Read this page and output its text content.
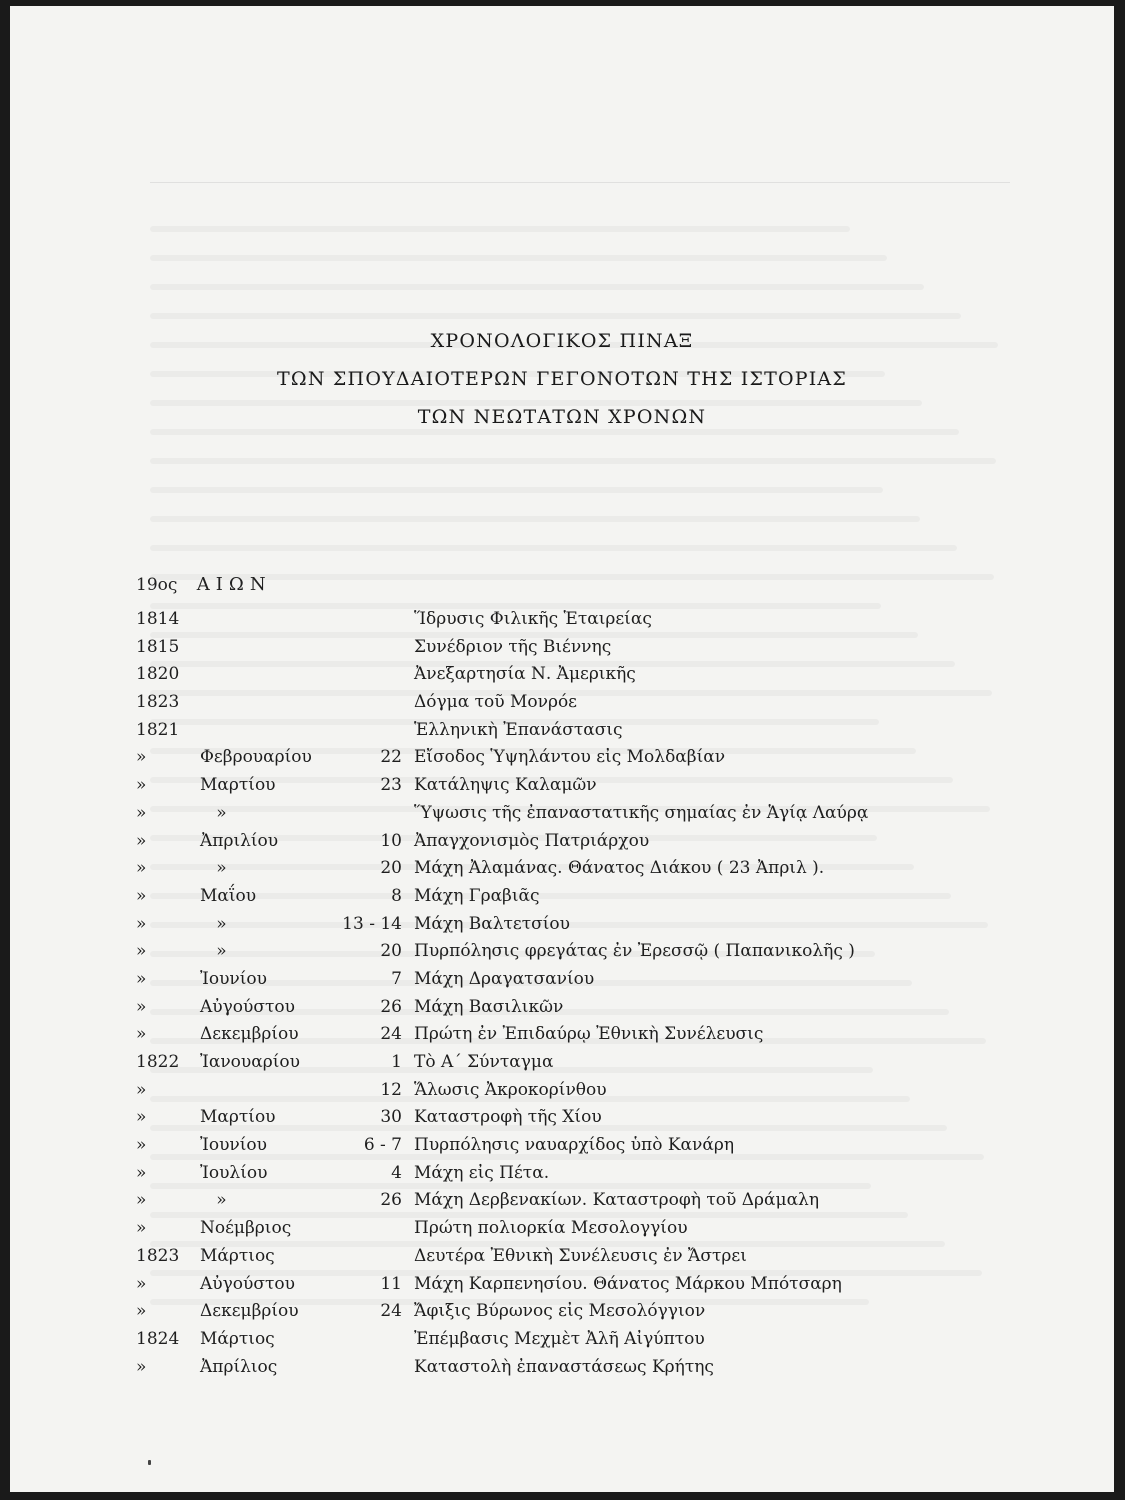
ΧΡΟΝΟΛΟΓΙΚΟΣ ΠΙΝΑΞ
ΤΩΝ ΣΠΟΥΔΑΙΟΤΕΡΩΝ ΓΕΓΟΝΟΤΩΝ ΤΗΣ ΙΣΤΟΡΙΑΣ
ΤΩΝ ΝΕΩΤΑΤΩΝ ΧΡΟΝΩΝ
19ος ΑΙΩΝ
1814	Ἵδρυσις Φιλικῆς Ἑταιρείας
1815	Συνέδριον τῆς Βιέννης
1820	Ἀνεξαρτησία Ν. Ἀμερικῆς
1823	Δόγμα τοῦ Μονρόε
1821	Ἑλληνικὴ Ἐπανάστασις
»	Φεβρουαρίου	22 Εἴσοδος Ὑψηλάντου εἰς Μολδαβίαν
»	Μαρτίου	23 Κατάληψις Καλαμῶν
»	»	Ὕψωσις τῆς ἐπαναστατικῆς σημαίας ἐν Ἁγίᾳ Λαύρᾳ
»	Ἀπριλίου	10 Ἀπαγχονισμὸς Πατριάρχου
»	»	20 Μάχη Ἀλαμάνας. Θάνατος Διάκου ( 23 Ἀπριλ ).
»	Μαΐου	8 Μάχη Γραβιᾶς
»	»	13 - 14 Μάχη Βαλτετσίου
»	»	20 Πυρπόλησις φρεγάτας ἐν Ἐρεσσῷ ( Παπανικολῆς )
»	Ἰουνίου	7 Μάχη Δραγατσανίου
»	Αὐγούστου	26 Μάχη Βασιλικῶν
»	Δεκεμβρίου	24 Πρώτη ἐν Ἐπιδαύρῳ Ἐθνικὴ Συνέλευσις
1822	Ἰανουαρίου	1 Τὸ Α΄ Σύνταγμα
»	12 Ἅλωσις Ἀκροκορίνθου
»	Μαρτίου	30 Καταστροφὴ τῆς Χίου
»	Ἰουνίου	6 - 7 Πυρπόλησις ναυαρχίδος ὑπὸ Κανάρη
»	Ἰουλίου	4 Μάχη εἰς Πέτα.
»	»	26 Μάχη Δερβενακίων. Καταστροφὴ τοῦ Δράμαλη
»	Νοέμβριος	Πρώτη πολιορκία Μεσολογγίου
1823	Μάρτιος	Δευτέρα Ἐθνικὴ Συνέλευσις ἐν Ἄστρει
»	Αὐγούστου	11 Μάχη Καρπενησίου. Θάνατος Μάρκου Μπότσαρη
»	Δεκεμβρίου	24 Ἄφιξις Βύρωνος εἰς Μεσολόγγιον
1824	Μάρτιος	Ἐπέμβασις Μεχμὲτ Ἀλῆ Αἰγύπτου
»	Ἀπρίλιος	Καταστολὴ ἐπαναστάσεως Κρήτης
